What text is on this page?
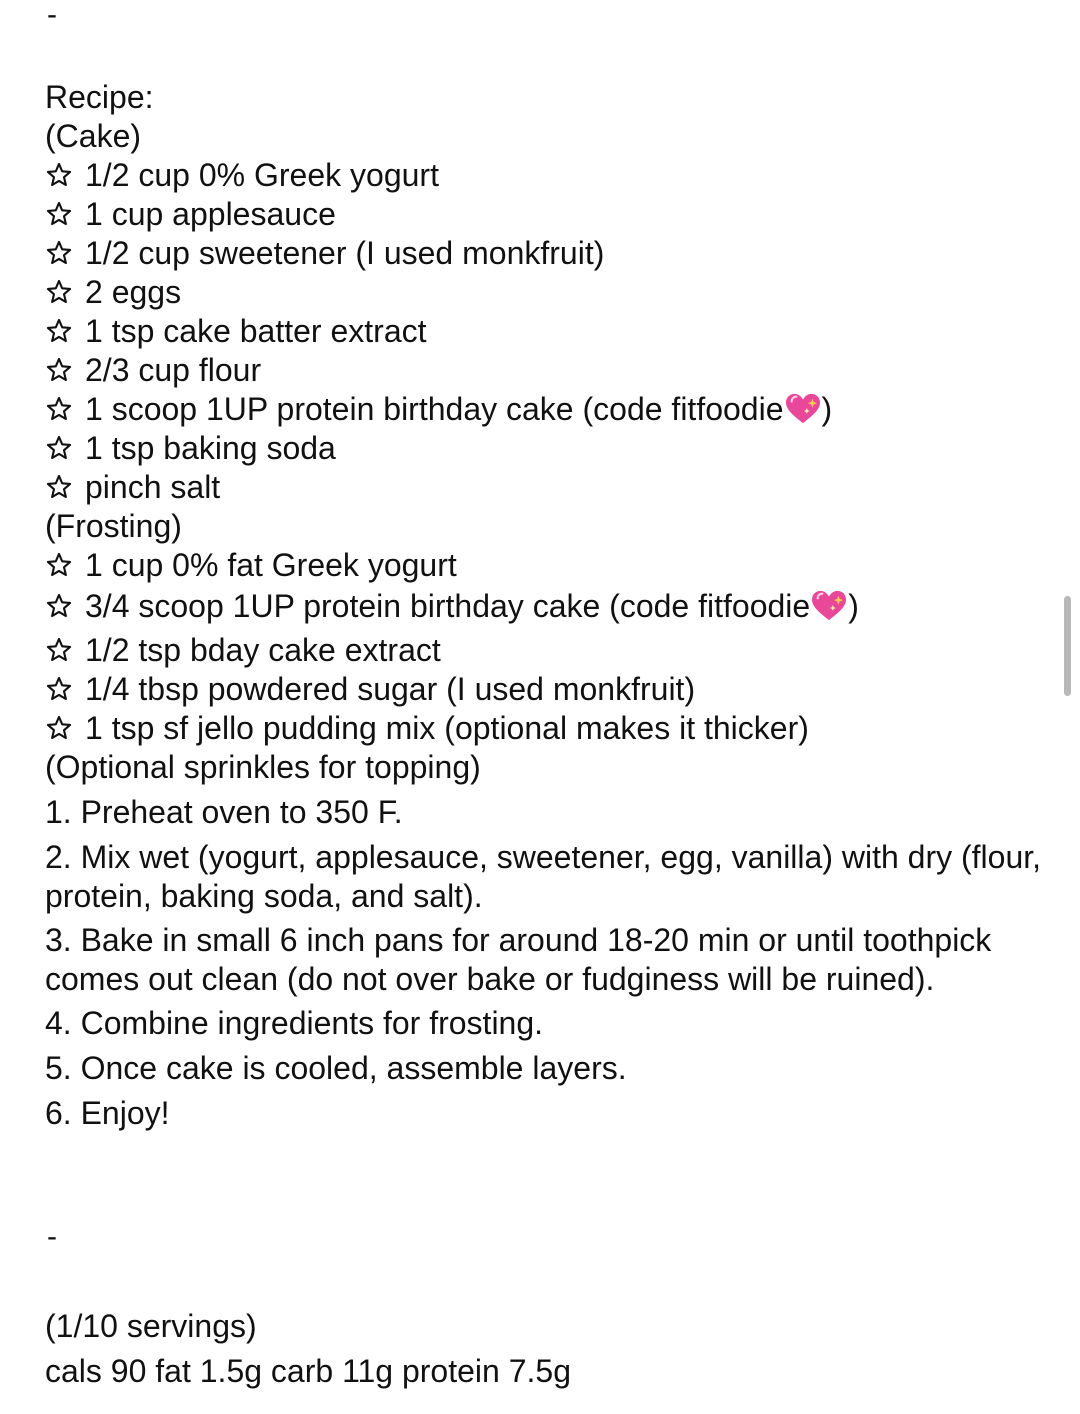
-
Recipe:
(Cake)
1/2 cup 0% Greek yogurt
1 cup applesauce
1/2 cup sweetener (I used monkfruit)
2 eggs
1 tsp cake batter extract
2/3 cup flour
1 scoop 1UP protein birthday cake (code fitfoodie )
1 tsp baking soda
pinch salt
(Frosting)
1 cup 0% fat Greek yogurt
3/4 scoop 1UP protein birthday cake (code fitfoodie )
1/2 tsp bday cake extract
1/4 tbsp powdered sugar (I used monkfruit)
1 tsp sf jello pudding mix (optional makes it thicker)
(Optional sprinkles for topping)
1. Preheat oven to 350 F.
2. Mix wet (yogurt, applesauce, sweetener, egg, vanilla) with dry (flour, protein, baking soda, and salt).
3. Bake in small 6 inch pans for around 18-20 min or until toothpick comes out clean (do not over bake or fudginess will be ruined).
4. Combine ingredients for frosting.
5. Once cake is cooled, assemble layers.
6. Enjoy!
-
(1/10 servings)
cals 90 fat 1.5g carb 11g protein 7.5g
